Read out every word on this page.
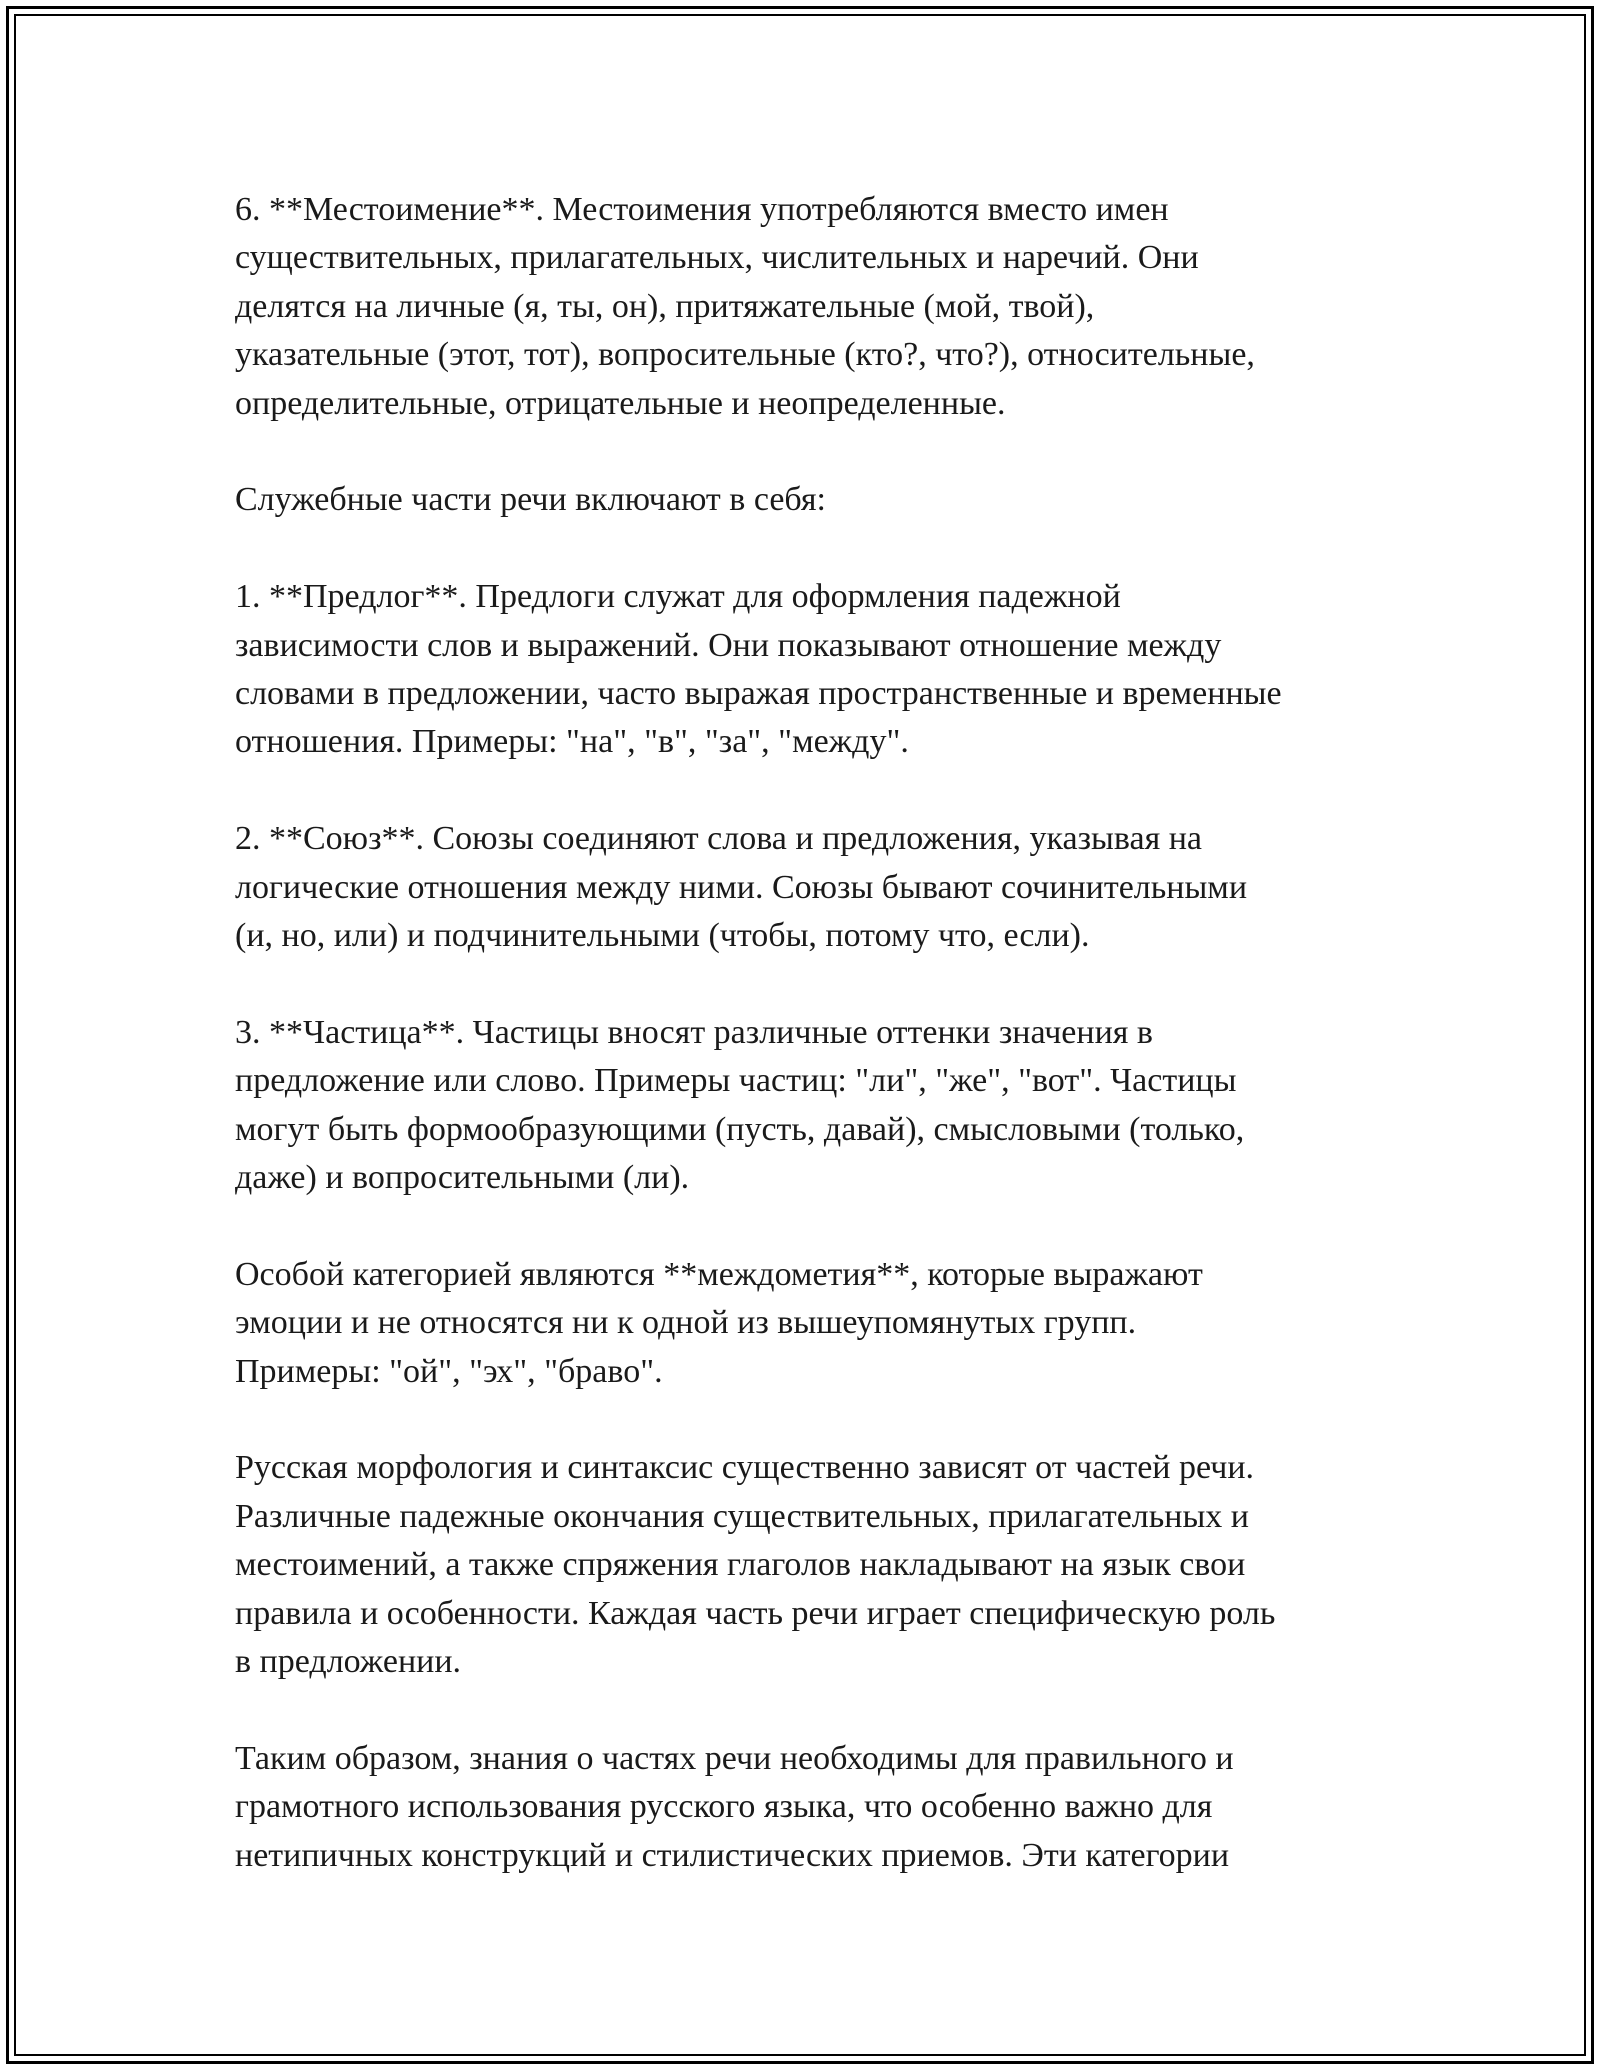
6. **Местоимение**. Местоимения употребляются вместо имен
существительных, прилагательных, числительных и наречий. Они
делятся на личные (я, ты, он), притяжательные (мой, твой),
указательные (этот, тот), вопросительные (кто?, что?), относительные,
определительные, отрицательные и неопределенные.

Служебные части речи включают в себя:

1. **Предлог**. Предлоги служат для оформления падежной
зависимости слов и выражений. Они показывают отношение между
словами в предложении, часто выражая пространственные и временные
отношения. Примеры: "на", "в", "за", "между".

2. **Союз**. Союзы соединяют слова и предложения, указывая на
логические отношения между ними. Союзы бывают сочинительными
(и, но, или) и подчинительными (чтобы, потому что, если).

3. **Частица**. Частицы вносят различные оттенки значения в
предложение или слово. Примеры частиц: "ли", "же", "вот". Частицы
могут быть формообразующими (пусть, давай), смысловыми (только,
даже) и вопросительными (ли).

Особой категорией являются **междометия**, которые выражают
эмоции и не относятся ни к одной из вышеупомянутых групп.
Примеры: "ой", "эх", "браво".

Русская морфология и синтаксис существенно зависят от частей речи.
Различные падежные окончания существительных, прилагательных и
местоимений, а также спряжения глаголов накладывают на язык свои
правила и особенности. Каждая часть речи играет специфическую роль
в предложении.

Таким образом, знания о частях речи необходимы для правильного и
грамотного использования русского языка, что особенно важно для
нетипичных конструкций и стилистических приемов. Эти категории
